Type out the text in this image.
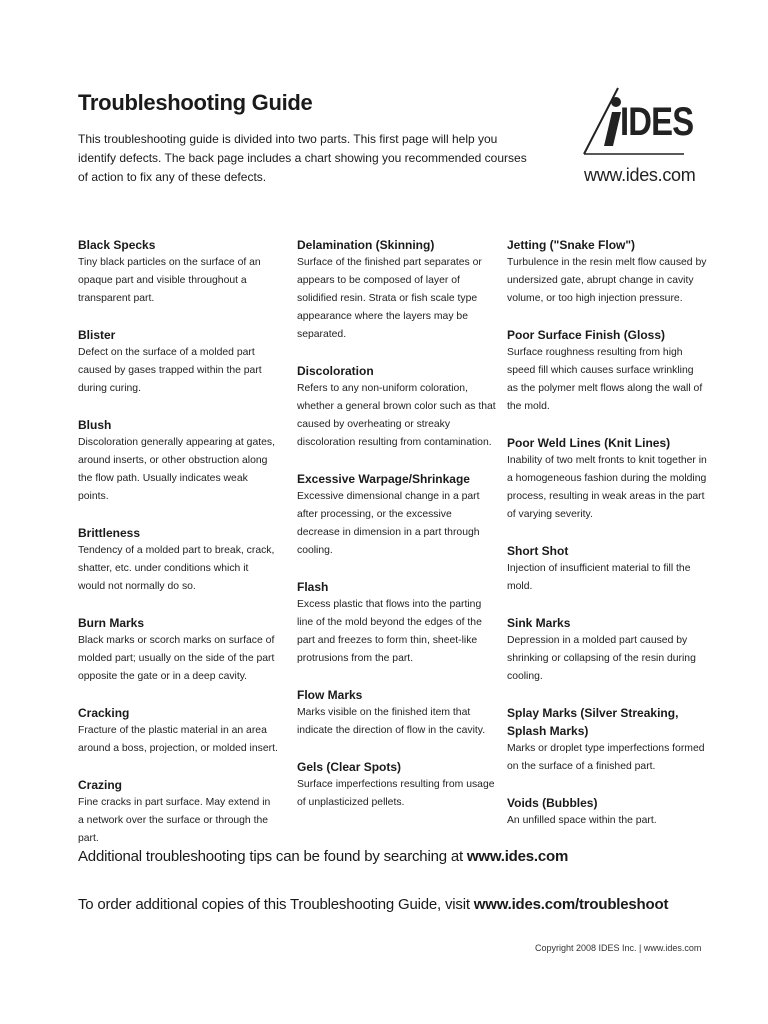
Troubleshooting Guide

This troubleshooting guide is divided into two parts. This first page will help you identify defects. The back page includes a chart showing you recommended courses of action to fix any of these defects.

IDES
www.ides.com

Black Specks

Tiny black particles on the surface of an opaque part and visible throughout a transparent part.

Blister

Defect on the surface of a molded part caused by gases trapped within the part during curing.

Blush

Discoloration generally appearing at gates, around inserts, or other obstruction along the flow path. Usually indicates weak points.

Brittleness

Tendency of a molded part to break, crack, shatter, etc. under conditions which it would not normally do so.

Burn Marks

Black marks or scorch marks on surface of molded part; usually on the side of the part opposite the gate or in a deep cavity.

Cracking

Fracture of the plastic material in an area around a boss, projection, or molded insert.

Crazing

Fine cracks in part surface. May extend in a network over the surface or through the part.

Delamination (Skinning)

Surface of the finished part separates or appears to be composed of layer of solidified resin. Strata or fish scale type appearance where the layers may be separated.

Discoloration

Refers to any non-uniform coloration, whether a general brown color such as that caused by overheating or streaky discoloration resulting from contamination.

Excessive Warpage/Shrinkage

Excessive dimensional change in a part after processing, or the excessive decrease in dimension in a part through cooling.

Flash

Excess plastic that flows into the parting line of the mold beyond the edges of the part and freezes to form thin, sheet-like protrusions from the part.

Flow Marks

Marks visible on the finished item that indicate the direction of flow in the cavity.

Gels (Clear Spots)

Surface imperfections resulting from usage of unplasticized pellets.

Jetting ("Snake Flow")

Turbulence in the resin melt flow caused by undersized gate, abrupt change in cavity volume, or too high injection pressure.

Poor Surface Finish (Gloss)

Surface roughness resulting from high speed fill which causes surface wrinkling as the polymer melt flows along the wall of the mold.

Poor Weld Lines (Knit Lines)

Inability of two melt fronts to knit together in a homogeneous fashion during the molding process, resulting in weak areas in the part of varying severity.

Short Shot

Injection of insufficient material to fill the mold.

Sink Marks

Depression in a molded part caused by shrinking or collapsing of the resin during cooling.

Splay Marks (Silver Streaking, Splash Marks)

Marks or droplet type imperfections formed on the surface of a finished part.

Voids (Bubbles)

An unfilled space within the part.

Additional troubleshooting tips can be found by searching at www.ides.com
To order additional copies of this Troubleshooting Guide, visit www.ides.com/troubleshoot
Copyright 2008 IDES Inc. | www.ides.com
